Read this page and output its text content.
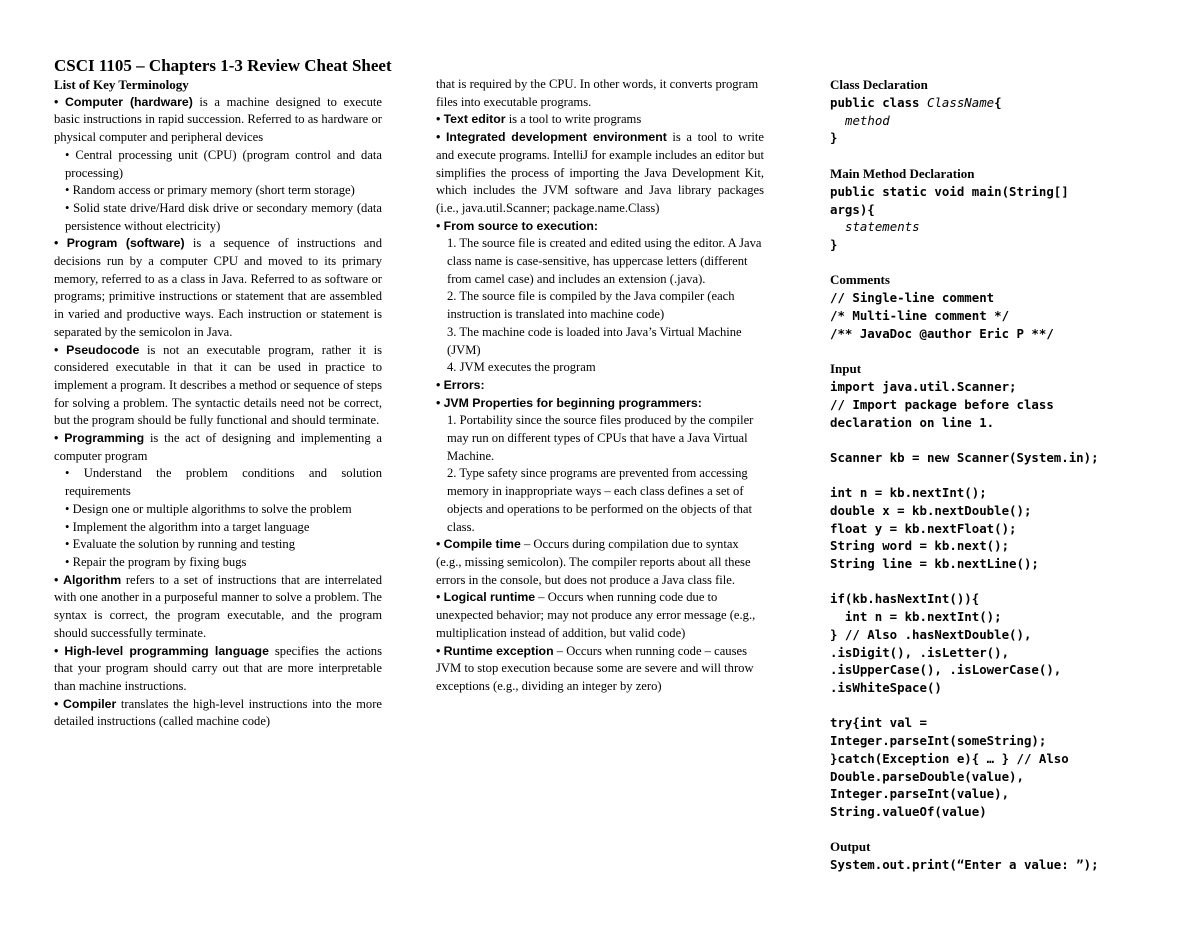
CSCI 1105 – Chapters 1-3 Review Cheat Sheet
List of Key Terminology
• Computer (hardware) is a machine designed to execute basic instructions in rapid succession. Referred to as hardware or physical computer and peripheral devices
• Central processing unit (CPU) (program control and data processing)
• Random access or primary memory (short term storage)
• Solid state drive/Hard disk drive or secondary memory (data persistence without electricity)
• Program (software) is a sequence of instructions and decisions run by a computer CPU and moved to its primary memory, referred to as a class in Java. Referred to as software or programs; primitive instructions or statement that are assembled in varied and productive ways. Each instruction or statement is separated by the semicolon in Java.
• Pseudocode is not an executable program, rather it is considered executable in that it can be used in practice to implement a program. It describes a method or sequence of steps for solving a problem. The syntactic details need not be correct, but the program should be fully functional and should terminate.
• Programming is the act of designing and implementing a computer program
• Understand the problem conditions and solution requirements
• Design one or multiple algorithms to solve the problem
• Implement the algorithm into a target language
• Evaluate the solution by running and testing
• Repair the program by fixing bugs
• Algorithm refers to a set of instructions that are interrelated with one another in a purposeful manner to solve a problem. The syntax is correct, the program executable, and the program should successfully terminate.
• High-level programming language specifies the actions that your program should carry out that are more interpretable than machine instructions.
• Compiler translates the high-level instructions into the more detailed instructions (called machine code)
that is required by the CPU. In other words, it converts program files into executable programs.
• Text editor is a tool to write programs
• Integrated development environment is a tool to write and execute programs. IntelliJ for example includes an editor but simplifies the process of importing the Java Development Kit, which includes the JVM software and Java library packages (i.e., java.util.Scanner; package.name.Class)
• From source to execution:
1. The source file is created and edited using the editor. A Java class name is case-sensitive, has uppercase letters (different from camel case) and includes an extension (.java).
2. The source file is compiled by the Java compiler (each instruction is translated into machine code)
3. The machine code is loaded into Java’s Virtual Machine (JVM)
4. JVM executes the program
• Errors:
• JVM Properties for beginning programmers:
1. Portability since the source files produced by the compiler may run on different types of CPUs that have a Java Virtual Machine.
2. Type safety since programs are prevented from accessing memory in inappropriate ways – each class defines a set of objects and operations to be performed on the objects of that class.
• Compile time – Occurs during compilation due to syntax (e.g., missing semicolon). The compiler reports about all these errors in the console, but does not produce a Java class file.
• Logical runtime – Occurs when running code due to unexpected behavior; may not produce any error message (e.g., multiplication instead of addition, but valid code)
• Runtime exception – Occurs when running code – causes JVM to stop execution because some are severe and will throw exceptions (e.g., dividing an integer by zero)
Class Declaration
public class ClassName{
method
}
Main Method Declaration
public static void main(String[]
args){
statements
}
Comments
// Single-line comment
/* Multi-line comment */
/** JavaDoc @author Eric P **/
Input
import java.util.Scanner;
// Import package before class
declaration on line 1.
Scanner kb = new Scanner(System.in);
int n = kb.nextInt();
double x = kb.nextDouble();
float y = kb.nextFloat();
String word = kb.next();
String line = kb.nextLine();
if(kb.hasNextInt()){
int n = kb.nextInt();
} // Also .hasNextDouble(),
.isDigit(), .isLetter(),
.isUpperCase(), .isLowerCase(),
.isWhiteSpace()
try{int val =
Integer.parseInt(someString);
}catch(Exception e){ … } // Also
Double.parseDouble(value),
Integer.parseInt(value),
String.valueOf(value)
Output
System.out.print(“Enter a value: ”);
